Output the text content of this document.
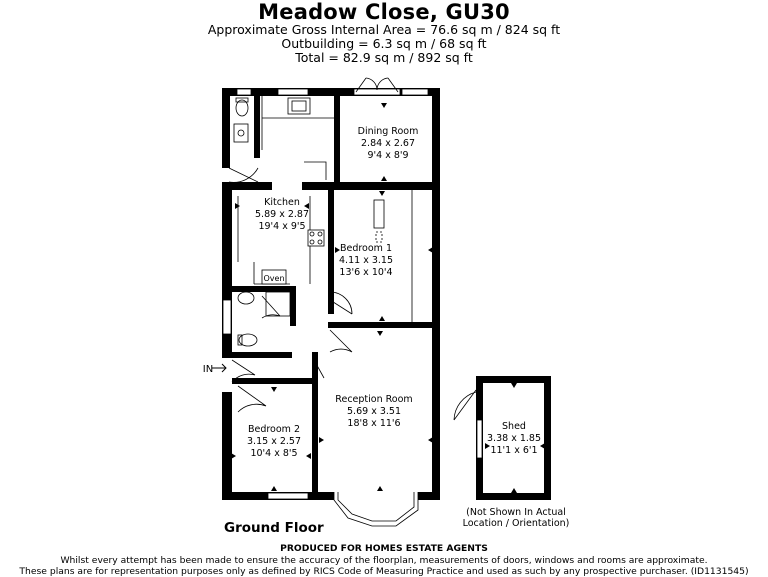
Meadow Close, GU30
Approximate Gross Internal Area = 76.6 sq m / 824 sq ft
Outbuilding = 6.3 sq m / 68 sq ft
Total = 82.9 sq m / 892 sq ft
Dining Room
2.84 x 2.67
9'4 x 8'9
Kitchen
5.89 x 2.87
19'4 x 9'5
Bedroom 1
4.11 x 3.15
13'6 x 10'4
Reception Room
5.69 x 3.51
18'8 x 11'6
Bedroom 2
3.15 x 2.57
10'4 x 8'5
Shed
3.38 x 1.85
11'1 x 6'1
Oven
IN
Ground Floor
(Not Shown In Actual
Location / Orientation)
PRODUCED FOR HOMES ESTATE AGENTS
Whilst every attempt has been made to ensure the accuracy of the floorplan, measurements of doors, windows and rooms are approximate.
These plans are for representation purposes only as defined by RICS Code of Measuring Practice and used as such by any prospective purchaser. (ID1131545)
